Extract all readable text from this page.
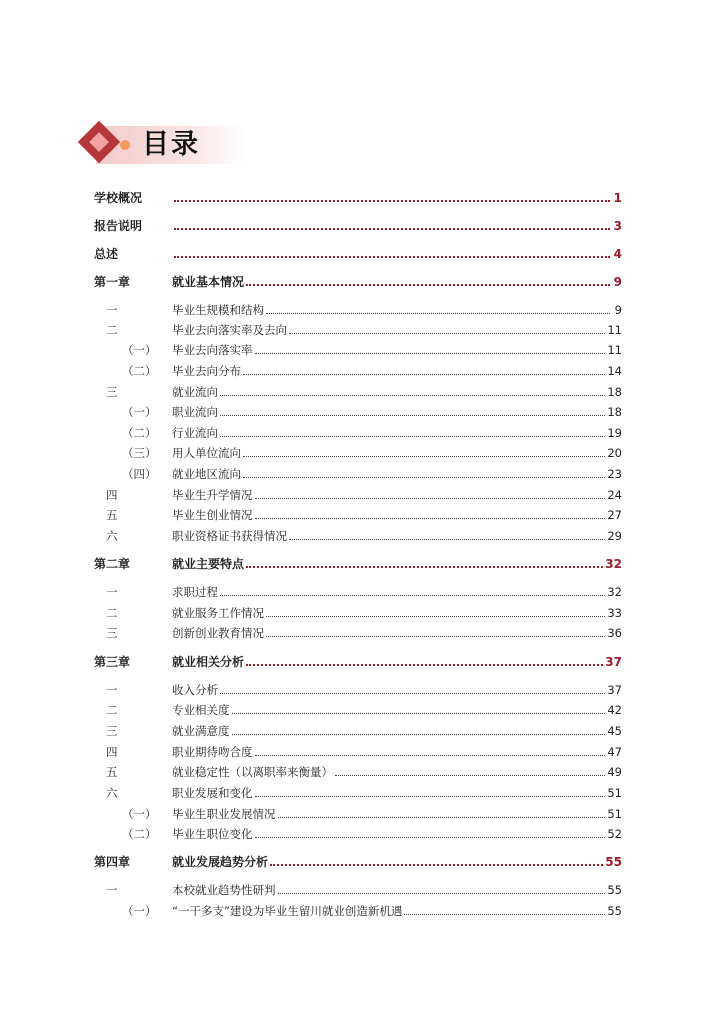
目录
学校概况	1
报告说明	3
总述	4
第一章	就业基本情况	9
一	毕业生规模和结构	9
二	毕业去向落实率及去向	11
（一）	毕业去向落实率	11
（二）	毕业去向分布	14
三	就业流向	18
（一）	职业流向	18
（二）	行业流向	19
（三）	用人单位流向	20
（四）	就业地区流向	23
四	毕业生升学情况	24
五	毕业生创业情况	27
六	职业资格证书获得情况	29
第二章	就业主要特点	32
一	求职过程	32
二	就业服务工作情况	33
三	创新创业教育情况	36
第三章	就业相关分析	37
一	收入分析	37
二	专业相关度	42
三	就业满意度	45
四	职业期待吻合度	47
五	就业稳定性（以离职率来衡量）	49
六	职业发展和变化	51
（一）	毕业生职业发展情况	51
（二）	毕业生职位变化	52
第四章	就业发展趋势分析	55
一	本校就业趋势性研判	55
（一）	“一干多支”建设为毕业生留川就业创造新机遇	55
